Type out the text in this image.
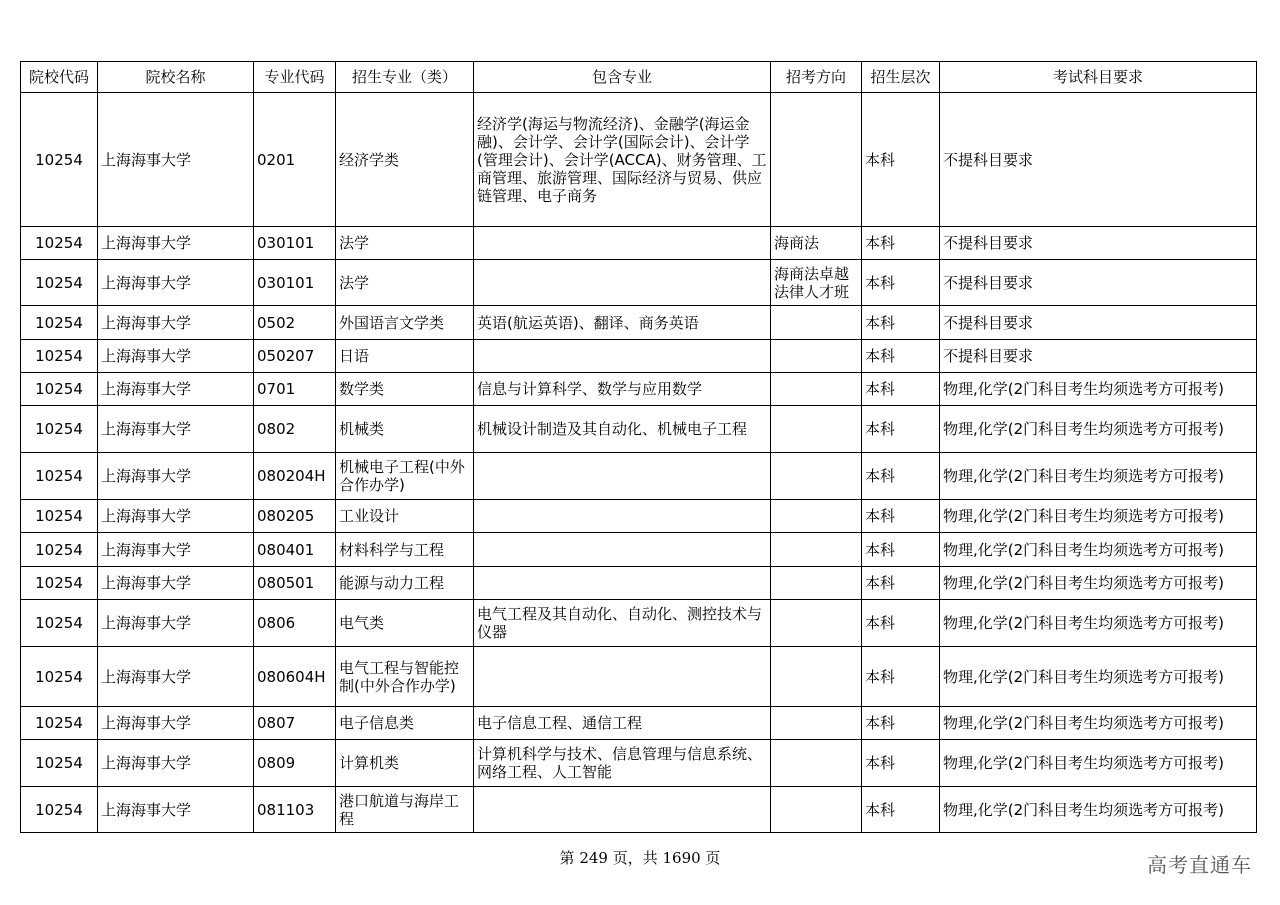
院校代码	院校名称	专业代码	招生专业（类）	包含专业	招考方向	招生层次	考试科目要求
10254	上海海事大学	0201	经济学类	经济学(海运与物流经济)、金融学(海运金融)、会计学、会计学(国际会计)、会计学(管理会计)、会计学(ACCA)、财务管理、工商管理、旅游管理、国际经济与贸易、供应链管理、电子商务		本科	不提科目要求
10254	上海海事大学	030101	法学		海商法	本科	不提科目要求
10254	上海海事大学	030101	法学		海商法卓越法律人才班	本科	不提科目要求
10254	上海海事大学	0502	外国语言文学类	英语(航运英语)、翻译、商务英语		本科	不提科目要求
10254	上海海事大学	050207	日语			本科	不提科目要求
10254	上海海事大学	0701	数学类	信息与计算科学、数学与应用数学		本科	物理,化学(2门科目考生均须选考方可报考)
10254	上海海事大学	0802	机械类	机械设计制造及其自动化、机械电子工程		本科	物理,化学(2门科目考生均须选考方可报考)
10254	上海海事大学	080204H	机械电子工程(中外合作办学)			本科	物理,化学(2门科目考生均须选考方可报考)
10254	上海海事大学	080205	工业设计			本科	物理,化学(2门科目考生均须选考方可报考)
10254	上海海事大学	080401	材料科学与工程			本科	物理,化学(2门科目考生均须选考方可报考)
10254	上海海事大学	080501	能源与动力工程			本科	物理,化学(2门科目考生均须选考方可报考)
10254	上海海事大学	0806	电气类	电气工程及其自动化、自动化、测控技术与仪器		本科	物理,化学(2门科目考生均须选考方可报考)
10254	上海海事大学	080604H	电气工程与智能控制(中外合作办学)			本科	物理,化学(2门科目考生均须选考方可报考)
10254	上海海事大学	0807	电子信息类	电子信息工程、通信工程		本科	物理,化学(2门科目考生均须选考方可报考)
10254	上海海事大学	0809	计算机类	计算机科学与技术、信息管理与信息系统、网络工程、人工智能		本科	物理,化学(2门科目考生均须选考方可报考)
10254	上海海事大学	081103	港口航道与海岸工程			本科	物理,化学(2门科目考生均须选考方可报考)
第 249 页，共 1690 页	高考直通车
